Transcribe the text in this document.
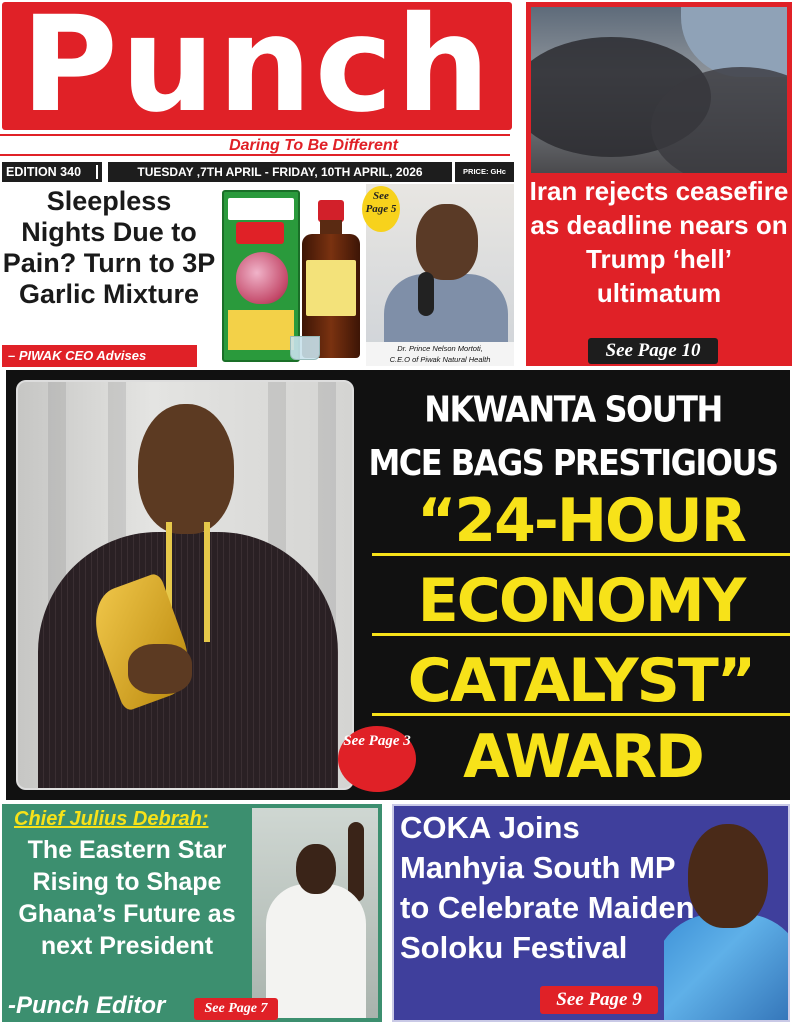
Punch
Daring To Be Different
EDITION 340	TUESDAY ,7TH APRIL - FRIDAY, 10TH APRIL, 2026	PRICE: GHc
Sleepless Nights Due to Pain? Turn to 3P Garlic Mixture
– PIWAK CEO Advises
See Page 5
Dr. Prince Nelson Mortoti,
C.E.O of Piwak Natural Health
Iran rejects ceasefire as deadline nears on Trump ‘hell’ ultimatum
See Page 10
NKWANTA SOUTH
MCE BAGS PRESTIGIOUS
“24-HOUR
ECONOMY
CATALYST”
AWARD
See Page 3
Chief Julius Debrah:
The Eastern Star Rising to Shape Ghana’s Future as next President
-Punch Editor	See Page 7
COKA Joins Manhyia South MP to Celebrate Maiden Soloku Festival
See Page 9
